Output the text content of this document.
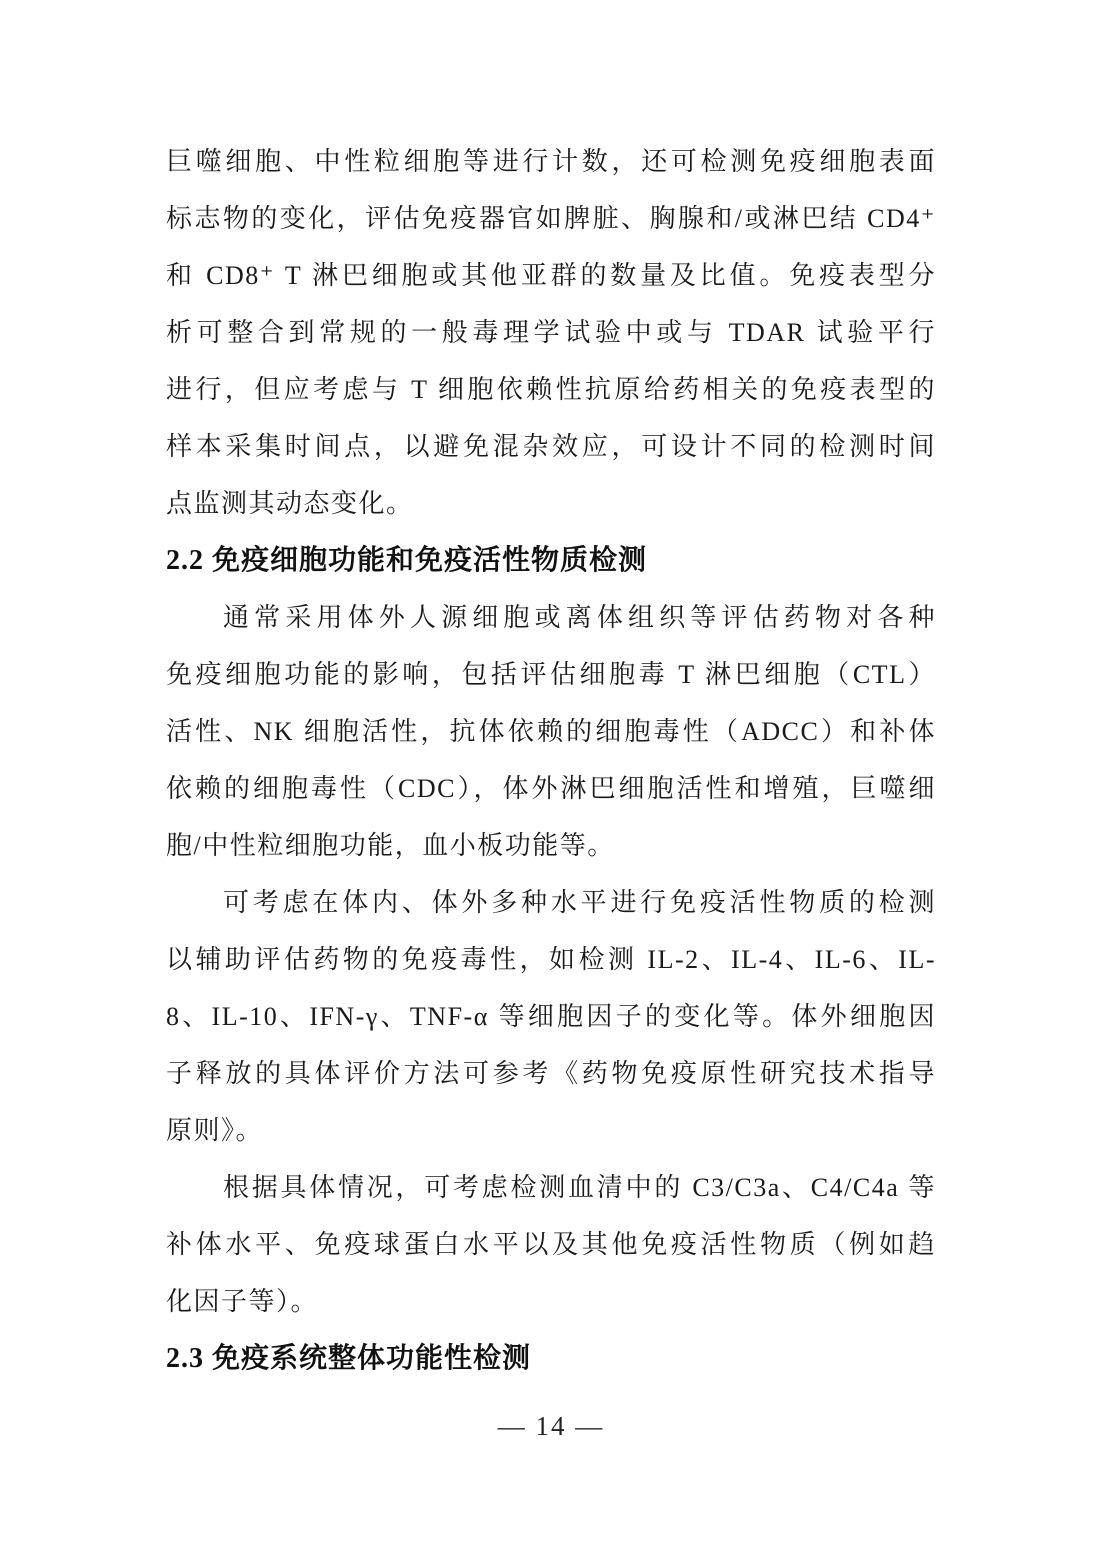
巨噬细胞、中性粒细胞等进行计数，还可检测免疫细胞表面
标志物的变化，评估免疫器官如脾脏、胸腺和/或淋巴结 CD4⁺
和 CD8⁺ T 淋巴细胞或其他亚群的数量及比值。免疫表型分
析可整合到常规的一般毒理学试验中或与 TDAR 试验平行
进行，但应考虑与 T 细胞依赖性抗原给药相关的免疫表型的
样本采集时间点，以避免混杂效应，可设计不同的检测时间
点监测其动态变化。
2.2 免疫细胞功能和免疫活性物质检测
通常采用体外人源细胞或离体组织等评估药物对各种
免疫细胞功能的影响，包括评估细胞毒 T 淋巴细胞（CTL）
活性、NK 细胞活性，抗体依赖的细胞毒性（ADCC）和补体
依赖的细胞毒性（CDC），体外淋巴细胞活性和增殖，巨噬细
胞/中性粒细胞功能，血小板功能等。
可考虑在体内、体外多种水平进行免疫活性物质的检测
以辅助评估药物的免疫毒性，如检测 IL-2、IL-4、IL-6、IL-
8、IL-10、IFN-γ、TNF-α 等细胞因子的变化等。体外细胞因
子释放的具体评价方法可参考《药物免疫原性研究技术指导
原则》。
根据具体情况，可考虑检测血清中的 C3/C3a、C4/C4a 等
补体水平、免疫球蛋白水平以及其他免疫活性物质（例如趋
化因子等）。
2.3 免疫系统整体功能性检测
— 14 —
